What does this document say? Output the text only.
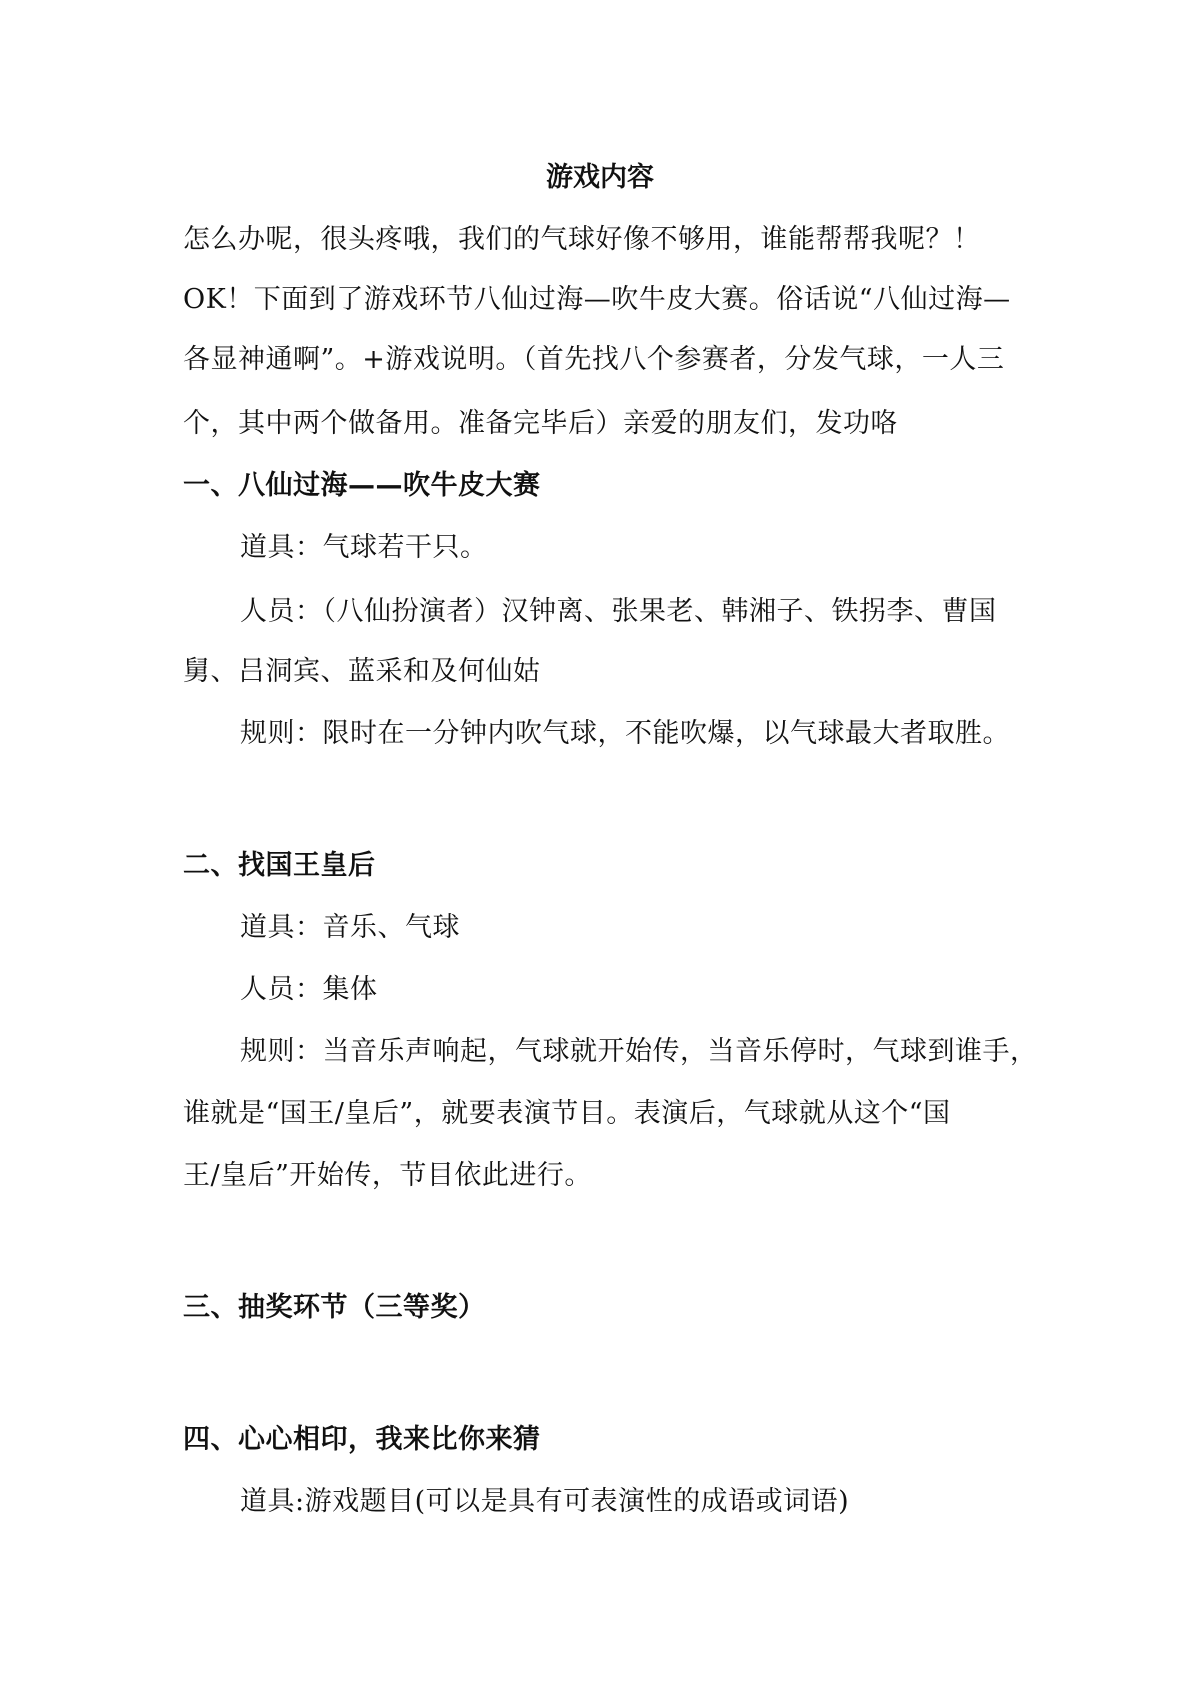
游戏内容
怎么办呢，很头疼哦，我们的气球好像不够用，谁能帮帮我呢？！
OK！下面到了游戏环节八仙过海—吹牛皮大赛。俗话说“八仙过海—
各显神通啊”。+游戏说明。（首先找八个参赛者，分发气球，一人三
个，其中两个做备用。准备完毕后）亲爱的朋友们，发功咯
一、八仙过海——吹牛皮大赛
道具：气球若干只。
人员：（八仙扮演者）汉钟离、张果老、韩湘子、铁拐李、曹国
舅、吕洞宾、蓝采和及何仙姑
规则：限时在一分钟内吹气球，不能吹爆，以气球最大者取胜。
二、找国王皇后
道具：音乐、气球
人员：集体
规则：当音乐声响起，气球就开始传，当音乐停时，气球到谁手，
谁就是“国王/皇后”，就要表演节目。表演后，气球就从这个“国
王/皇后”开始传，节目依此进行。
三、抽奖环节（三等奖）
四、心心相印，我来比你来猜
道具:游戏题目(可以是具有可表演性的成语或词语)
